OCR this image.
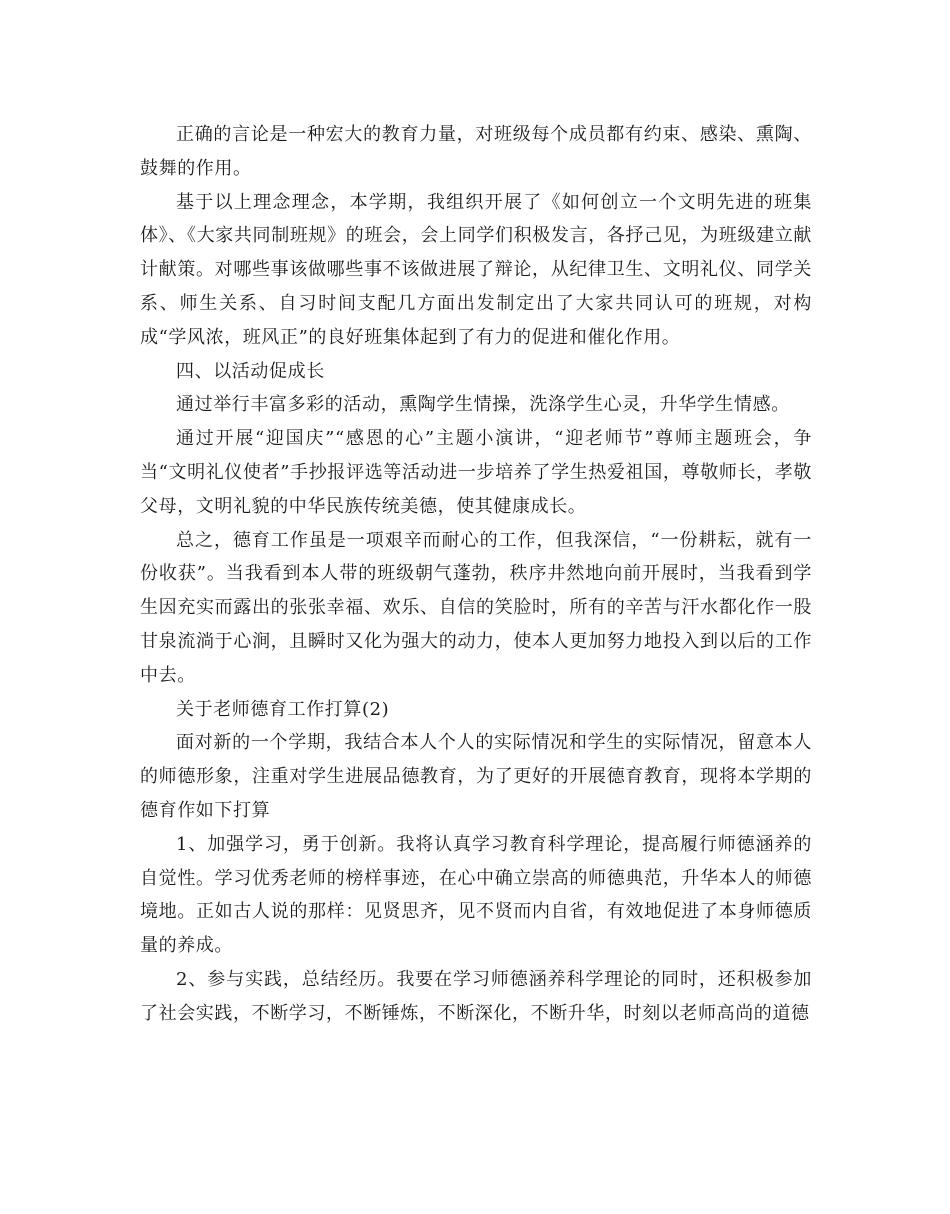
正确的言论是一种宏大的教育力量，对班级每个成员都有约束、感染、熏陶、鼓舞的作用。

基于以上理念理念，本学期，我组织开展了《如何创立一个文明先进的班集体》、《大家共同制班规》的班会，会上同学们积极发言，各抒己见，为班级建立献计献策。对哪些事该做哪些事不该做进展了辩论，从纪律卫生、文明礼仪、同学关系、师生关系、自习时间支配几方面出发制定出了大家共同认可的班规，对构成“学风浓，班风正”的良好班集体起到了有力的促进和催化作用。

四、以活动促成长

通过举行丰富多彩的活动，熏陶学生情操，洗涤学生心灵，升华学生情感。

通过开展“迎国庆”“感恩的心”主题小演讲，“迎老师节”尊师主题班会，争当“文明礼仪使者”手抄报评选等活动进一步培养了学生热爱祖国，尊敬师长，孝敬父母，文明礼貌的中华民族传统美德，使其健康成长。

总之，德育工作虽是一项艰辛而耐心的工作，但我深信，“一份耕耘，就有一份收获”。当我看到本人带的班级朝气蓬勃，秩序井然地向前开展时，当我看到学生因充实而露出的张张幸福、欢乐、自信的笑脸时，所有的辛苦与汗水都化作一股甘泉流淌于心涧，且瞬时又化为强大的动力，使本人更加努力地投入到以后的工作中去。

关于老师德育工作打算(2)

面对新的一个学期，我结合本人个人的实际情况和学生的实际情况，留意本人的师德形象，注重对学生进展品德教育，为了更好的开展德育教育，现将本学期的德育作如下打算

1、加强学习，勇于创新。我将认真学习教育科学理论，提高履行师德涵养的自觉性。学习优秀老师的榜样事迹，在心中确立崇高的师德典范，升华本人的师德境地。正如古人说的那样：见贤思齐，见不贤而内自省，有效地促进了本身师德质量的养成。

2、参与实践，总结经历。我要在学习师德涵养科学理论的同时，还积极参加了社会实践，不断学习，不断锤炼，不断深化，不断升华，时刻以老师高尚的道德
